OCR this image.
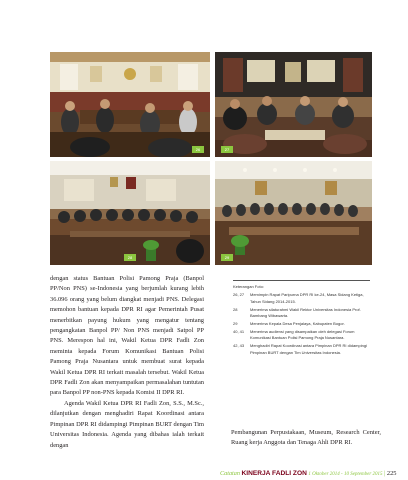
26	27
28	29

dengan status Bantuan Polisi Pamong Praja (Banpol PP/Non PNS) se-Indonesia yang berjumlah kurang lebih 36.096 orang yang belum diangkat menjadi PNS. Delegasi memohon bantuan kepada DPR RI agar Pemerintah Pusat menerbitkan payung hukum yang mengatur tentang pengangkatan Banpol PP/ Non PNS menjadi Satpol PP PNS. Merespon hal ini, Wakil Ketua DPR Fadli Zon meminta kepada Forum Komunikasi Bantuan Polisi Pamong Praja Nusantara untuk membuat surat kepada Wakil Ketua DPR RI terkait masalah tersebut. Wakil Ketua DPR Fadli Zon akan menyampaikan permasalahan tuntutan para Banpol PP non-PNS kepada Komisi II DPR RI.

Agenda Wakil Ketua DPR RI Fadli Zon, S.S., M.Sc., dilanjutkan dengan menghadiri Rapat Koordinasi antara Pimpinan DPR RI didampingi Pimpinan BURT dengan Tim Universitas Indonesia. Agenda yang dibahas ialah terkait dengan

Keterangan Foto:
26, 27	Memimpin Rapat Paripurna DPR RI ke-24, Masa Sidang Ketiga, Tahun Sidang 2014-2015.
28	Menerima silaturahmi Wakil Rektor Universitas Indonesia Prof. Bambang Wibawarta.
29	Menerima Kepala Desa Penjalaya, Kabupaten Bogor.
40, 41	Menerima audiensi yang disampaikan oleh delegasi Forum Komunikasi Bantuan Polisi Pamong Praja Nusantara.
42, 43	Menghadiri Rapat Koordinasi antara Pimpinan DPR RI didampingi Pimpinan BURT dengan Tim Universitas Indonesia.
Pembangunan Perpustakaan, Museum, Research Center, Ruang kerja Anggota dan Tenaga Ahli DPR RI.
Catatan KINERJA FADLI ZON 1 Oktober 2014 - 10 September 2015 | 225
